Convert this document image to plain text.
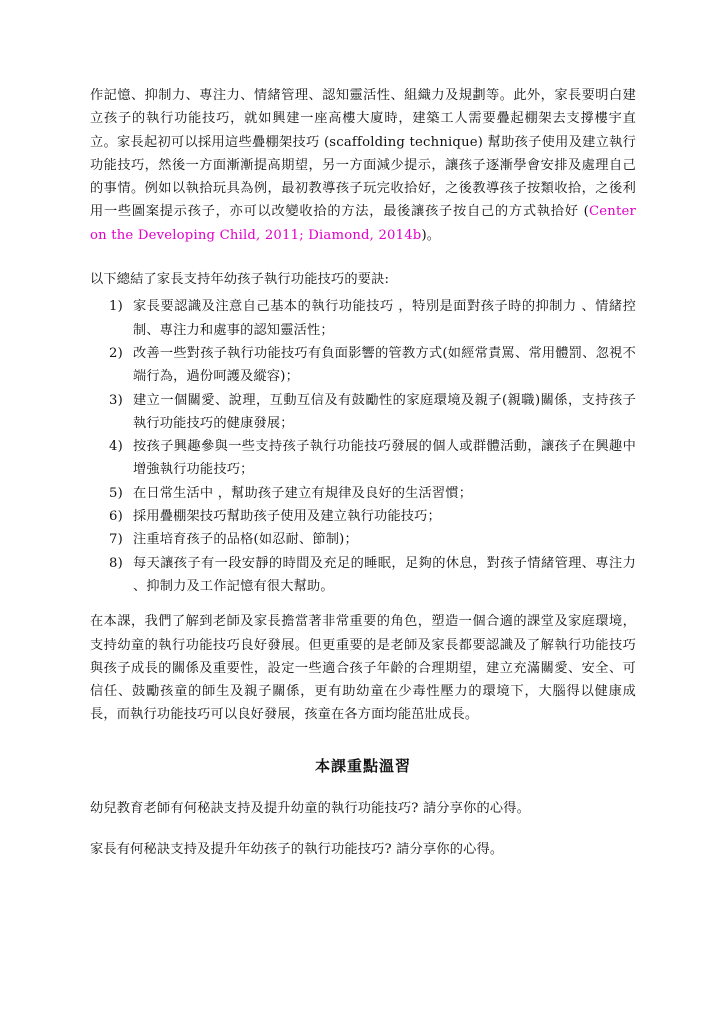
作記憶、抑制力、專注力、情緒管理、認知靈活性、組織力及規劃等。此外，家長要明白建立孩子的執行功能技巧，就如興建一座高樓大廈時，建築工人需要疊起棚架去支撐樓宇直立。家長起初可以採用這些疊棚架技巧 (scaffolding technique) 幫助孩子使用及建立執行功能技巧，然後一方面漸漸提高期望，另一方面減少提示，讓孩子逐漸學會安排及處理自己的事情。例如以執拾玩具為例，最初教導孩子玩完收拾好，之後教導孩子按類收拾，之後利用一些圖案提示孩子，亦可以改變收拾的方法，最後讓孩子按自己的方式執拾好 (Center on the Developing Child, 2011; Diamond, 2014b)。

以下總結了家長支持年幼孩子執行功能技巧的要訣:

1) 家長要認識及注意自己基本的執行功能技巧 ，特別是面對孩子時的抑制力 、情緒控制、專注力和處事的認知靈活性；
2) 改善一些對孩子執行功能技巧有負面影響的管教方式(如經常責罵、常用體罰、忽視不端行為，過份呵護及縱容)；
3) 建立一個關愛、說理，互動互信及有鼓勵性的家庭環境及親子(親職)關係，支持孩子執行功能技巧的健康發展；
4) 按孩子興趣參與一些支持孩子執行功能技巧發展的個人或群體活動，讓孩子在興趣中增強執行功能技巧；
5) 在日常生活中 ，幫助孩子建立有規律及良好的生活習慣；
6) 採用疊棚架技巧幫助孩子使用及建立執行功能技巧；
7) 注重培育孩子的品格(如忍耐、節制)；
8) 每天讓孩子有一段安靜的時間及充足的睡眠，足夠的休息，對孩子情緒管理、專注力 、抑制力及工作記憶有很大幫助。

在本課，我們了解到老師及家長擔當著非常重要的角色，塑造一個合適的課堂及家庭環境，支持幼童的執行功能技巧良好發展。但更重要的是老師及家長都要認識及了解執行功能技巧與孩子成長的關係及重要性，設定一些適合孩子年齡的合理期望，建立充滿關愛、安全、可信任、鼓勵孩童的師生及親子關係，更有助幼童在少毒性壓力的環境下，大腦得以健康成長，而執行功能技巧可以良好發展，孩童在各方面均能茁壯成長。

本課重點溫習

幼兒教育老師有何秘訣支持及提升幼童的執行功能技巧? 請分享你的心得。

家長有何秘訣支持及提升年幼孩子的執行功能技巧? 請分享你的心得。
